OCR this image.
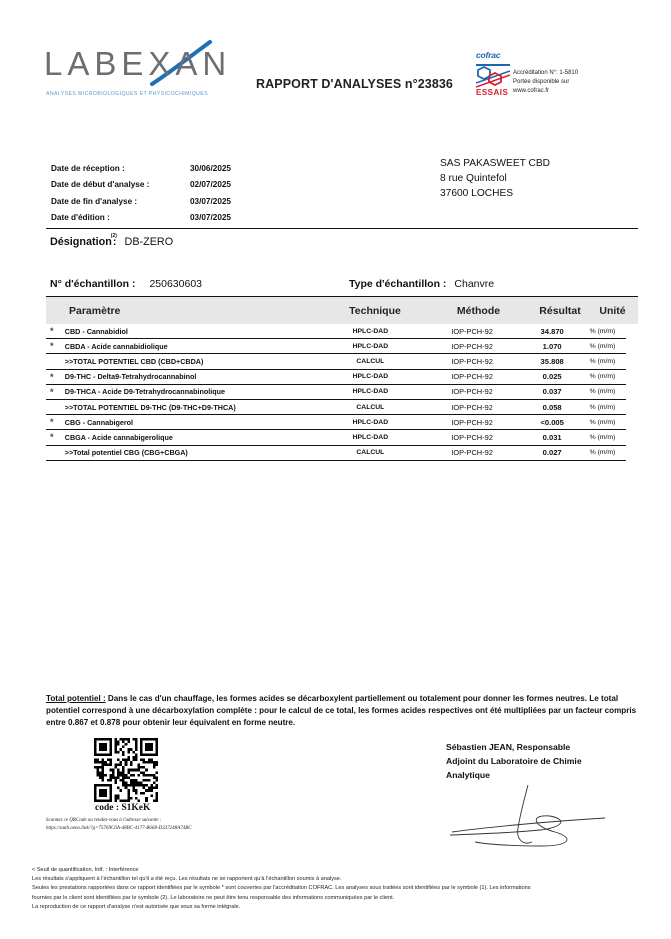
LABEXAN
ANALYSES MICROBIOLOGIQUES ET PHYSICOCHIMIQUES
RAPPORT D'ANALYSES n°23836
cofrac
ESSAIS
Accréditation N°: 1-5810
Portée disponible sur
www.cofrac.fr
Date de réception :	30/06/2025
Date de début d'analyse :	02/07/2025
Date de fin d'analyse :	03/07/2025
Date d'édition :	03/07/2025
SAS PAKASWEET CBD
8 rue Quintefol
37600 LOCHES
Désignation (2)
: DB-ZERO
N° d'échantillon : 250630603	Type d'échantillon : Chanvre
Paramètre	Technique	Méthode	Résultat	Unité
*	CBD - Cannabidiol	HPLC-DAD	IOP-PCH-92	34.870	% (m/m)
*	CBDA - Acide cannabidiolique	HPLC-DAD	IOP-PCH-92	1.070	% (m/m)
>>TOTAL POTENTIEL CBD (CBD+CBDA)	CALCUL	IOP-PCH-92	35.808	% (m/m)
*	D9-THC - Delta9-Tetrahydrocannabinol	HPLC-DAD	IOP-PCH-92	0.025	% (m/m)
*	D9-THCA - Acide D9-Tetrahydrocannabinolique	HPLC-DAD	IOP-PCH-92	0.037	% (m/m)
>>TOTAL POTENTIEL D9-THC (D9-THC+D9-THCA)	CALCUL	IOP-PCH-92	0.058	% (m/m)
*	CBG - Cannabigerol	HPLC-DAD	IOP-PCH-92	<0.005	% (m/m)
*	CBGA - Acide cannabigerolique	HPLC-DAD	IOP-PCH-92	0.031	% (m/m)
>>Total potentiel CBG (CBG+CBGA)	CALCUL	IOP-PCH-92	0.027	% (m/m)
Total potentiel : Dans le cas d'un chauffage, les formes acides se décarboxylent partiellement ou totalement pour donner les formes neutres. Le total potentiel correspond à une décarboxylation complète : pour le calcul de ce total, les formes acides respectives ont été multipliées par un facteur compris entre 0.867 et 0.878 pour obtenir leur équivalent en forme neutre.
code : S1KeK
Scannez ce QRCode ou rendez-vous à l'adresse suivante :
https://auth.oeno.link/?g=75769C6A-48BC-4177-B668-D337248A74BC
Sébastien JEAN, Responsable
Adjoint du Laboratoire de Chimie
Analytique
< Seuil de quantification, Intf. : Interférence
Les résultats s'appliquent à l'échantillon tel qu'il a été reçu. Les résultats ne se rapportent qu'à l'échantillon soumis à analyse.
Seules les prestations rapportées dans ce rapport identifiées par le symbole * sont couvertes par l'accréditation COFRAC. Les analyses sous traitées sont identifiées par le symbole (1). Les informations
fournies par le client sont identifiées par le symbole (2). Le laboratoire ne peut être tenu responsable des informations communiquées par le client.
La reproduction de ce rapport d'analyse n'est autorisée que sous sa forme intégrale.
